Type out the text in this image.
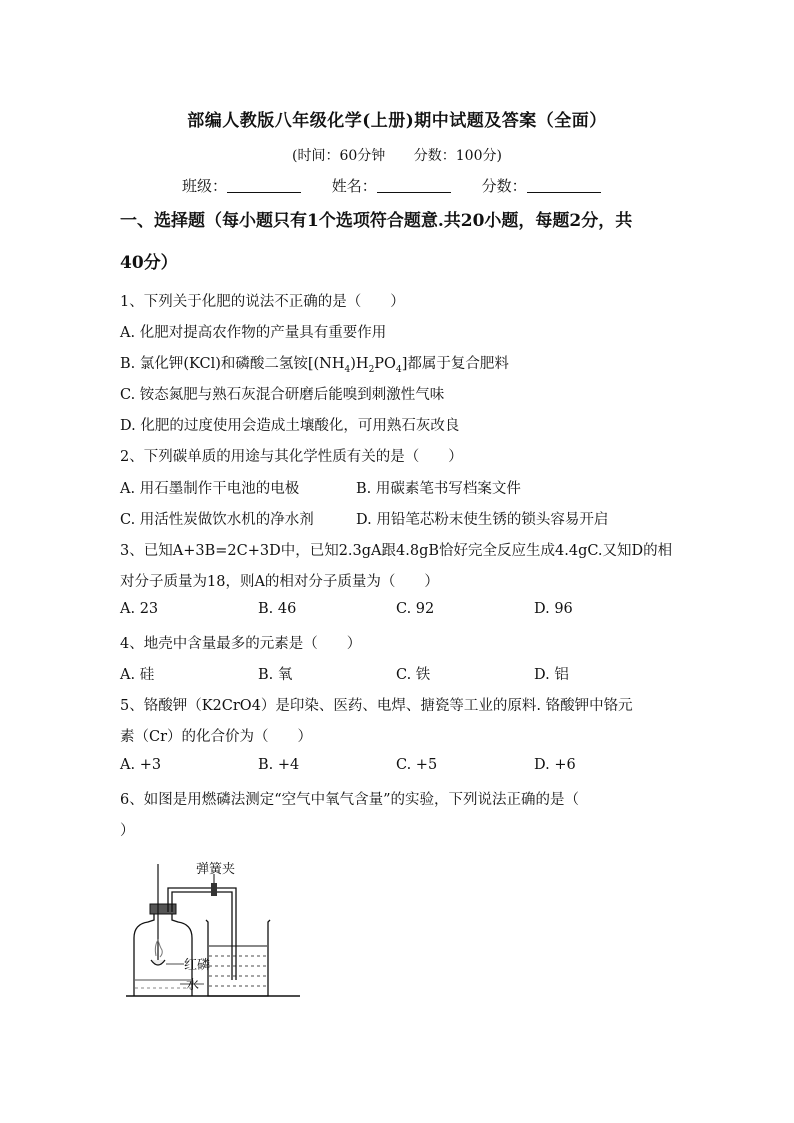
部编人教版八年级化学(上册)期中试题及答案（全面）
(时间：60分钟 分数：100分)
班级：	姓名：	分数：
一、选择题（每小题只有1个选项符合题意.共20小题，每题2分，共
40分）
1、下列关于化肥的说法不正确的是（　　）
A. 化肥对提高农作物的产量具有重要作用
B. 氯化钾(KCl)和磷酸二氢铵$[(NH_4)H_2PO_4]$都属于复合肥料
C. 铵态氮肥与熟石灰混合研磨后能嗅到刺激性气味
D. 化肥的过度使用会造成土壤酸化，可用熟石灰改良
2、下列碳单质的用途与其化学性质有关的是（　　）
A. 用石墨制作干电池的电极	B. 用碳素笔书写档案文件
C. 用活性炭做饮水机的净水剂	D. 用铅笔芯粉末使生锈的锁头容易开启
3、已知A+3B=2C+3D中，已知2.3gA跟4.8gB恰好完全反应生成4.4gC.又知D的相
对分子质量为18，则A的相对分子质量为（　　）
A. 23	B. 46	C. 92	D. 96
4、地壳中含量最多的元素是（　　）
A. 硅	B. 氧	C. 铁	D. 铝
5、铬酸钾（K2CrO4）是印染、医药、电焊、搪瓷等工业的原料. 铬酸钾中铬元
素（Cr）的化合价为（　　）
A. +3	B. +4	C. +5	D. +6
6、如图是用燃磷法测定“空气中氧气含量”的实验，下列说法正确的是（
）
弹簧夹
红磷
水
